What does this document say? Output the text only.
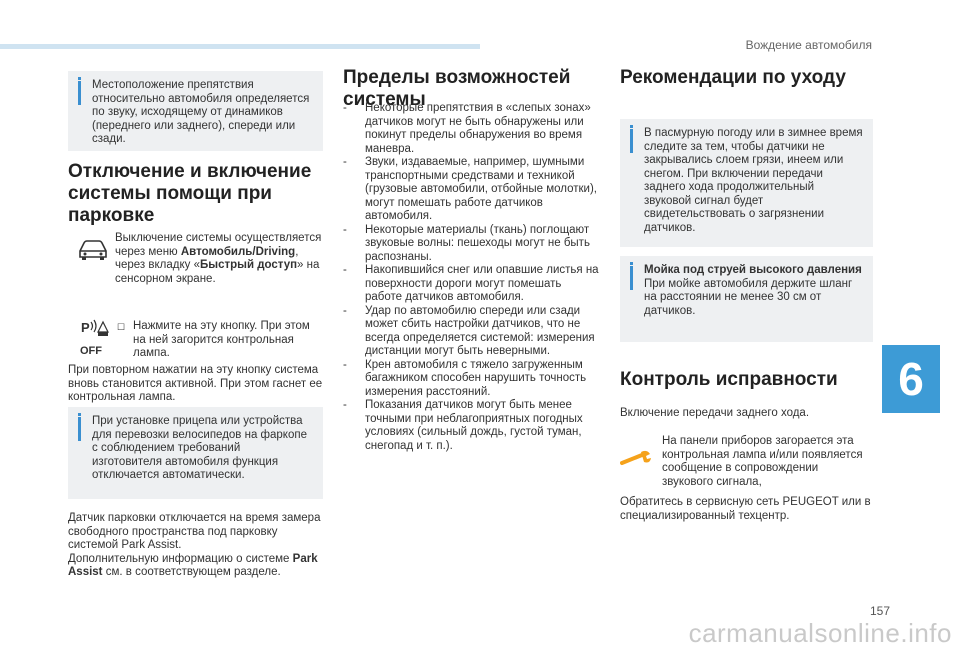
Вождение автомобиля
Местоположение препятствия относительно автомобиля определяется по звуку, исходящему от динамиков (переднего или заднего), спереди или сзади.
Отключение и включение системы помощи при парковке
Выключение системы осуществляется через меню Автомобиль/Driving, через вкладку «Быстрый доступ» на сенсорном экране.
P
OFF
☐ Нажмите на эту кнопку. При этом на ней загорится контрольная лампа.
При повторном нажатии на эту кнопку система вновь становится активной. При этом гаснет ее контрольная лампа.
При установке прицепа или устройства для перевозки велосипедов на фаркопе с соблюдением требований изготовителя автомобиля функция отключается автоматически.
Датчик парковки отключается на время замера свободного пространства под парковку системой Park Assist.
Дополнительную информацию о системе Park Assist см. в соответствующем разделе.
Пределы возможностей системы
- Некоторые препятствия в «слепых зонах» датчиков могут не быть обнаружены или покинут пределы обнаружения во время маневра.
- Звуки, издаваемые, например, шумными транспортными средствами и техникой (грузовые автомобили, отбойные молотки), могут помешать работе датчиков автомобиля.
- Некоторые материалы (ткань) поглощают звуковые волны: пешеходы могут не быть распознаны.
- Накопившийся снег или опавшие листья на поверхности дороги могут помешать работе датчиков автомобиля.
- Удар по автомобилю спереди или сзади может сбить настройки датчиков, что не всегда определяется системой: измерения дистанции могут быть неверными.
- Крен автомобиля с тяжело загруженным багажником способен нарушить точность измерения расстояний.
- Показания датчиков могут быть менее точными при неблагоприятных погодных условиях (сильный дождь, густой туман, снегопад и т. п.).
Рекомендации по уходу
В пасмурную погоду или в зимнее время следите за тем, чтобы датчики не закрывались слоем грязи, инеем или снегом. При включении передачи заднего хода продолжительный звуковой сигнал будет свидетельствовать о загрязнении датчиков.
Мойка под струей высокого давления
При мойке автомобиля держите шланг на расстоянии не менее 30 см от датчиков.
Контроль исправности
Включение передачи заднего хода.
На панели приборов загорается эта контрольная лампа и/или появляется сообщение в сопровождении звукового сигнала,
Обратитесь в сервисную сеть PEUGEOT или в специализированный техцентр.
6
157
carmanualsonline.info
